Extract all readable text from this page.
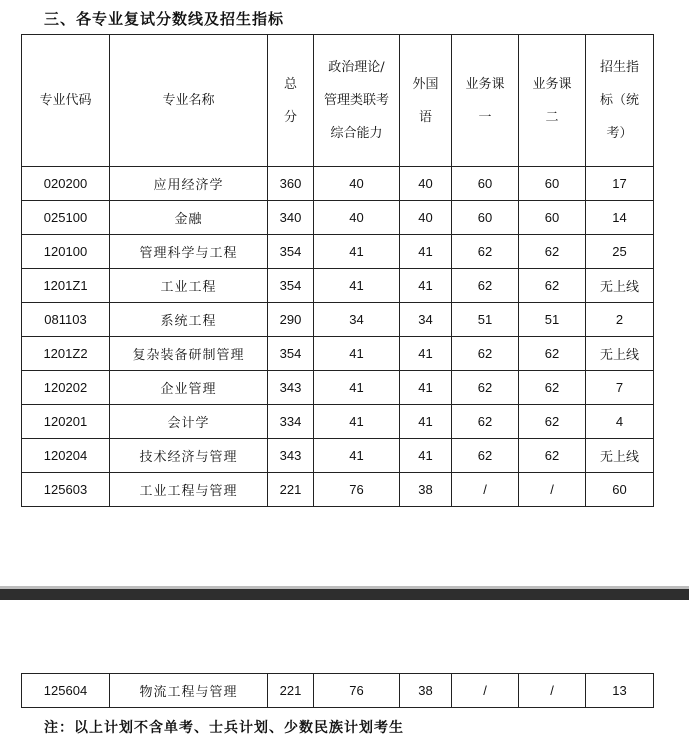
三、各专业复试分数线及招生指标
专业代码	专业名称	总分	政治理论/管理类联考综合能力	外国语	业务课一	业务课二	招生指标（统考）
020200	应用经济学	360	40	40	60	60	17
025100	金融	340	40	40	60	60	14
120100	管理科学与工程	354	41	41	62	62	25
1201Z1	工业工程	354	41	41	62	62	无上线
081103	系统工程	290	34	34	51	51	2
1201Z2	复杂装备研制管理	354	41	41	62	62	无上线
120202	企业管理	343	41	41	62	62	7
120201	会计学	334	41	41	62	62	4
120204	技术经济与管理	343	41	41	62	62	无上线
125603	工业工程与管理	221	76	38	/	/	60
125604	物流工程与管理	221	76	38	/	/	13
注：以上计划不含单考、士兵计划、少数民族计划考生
